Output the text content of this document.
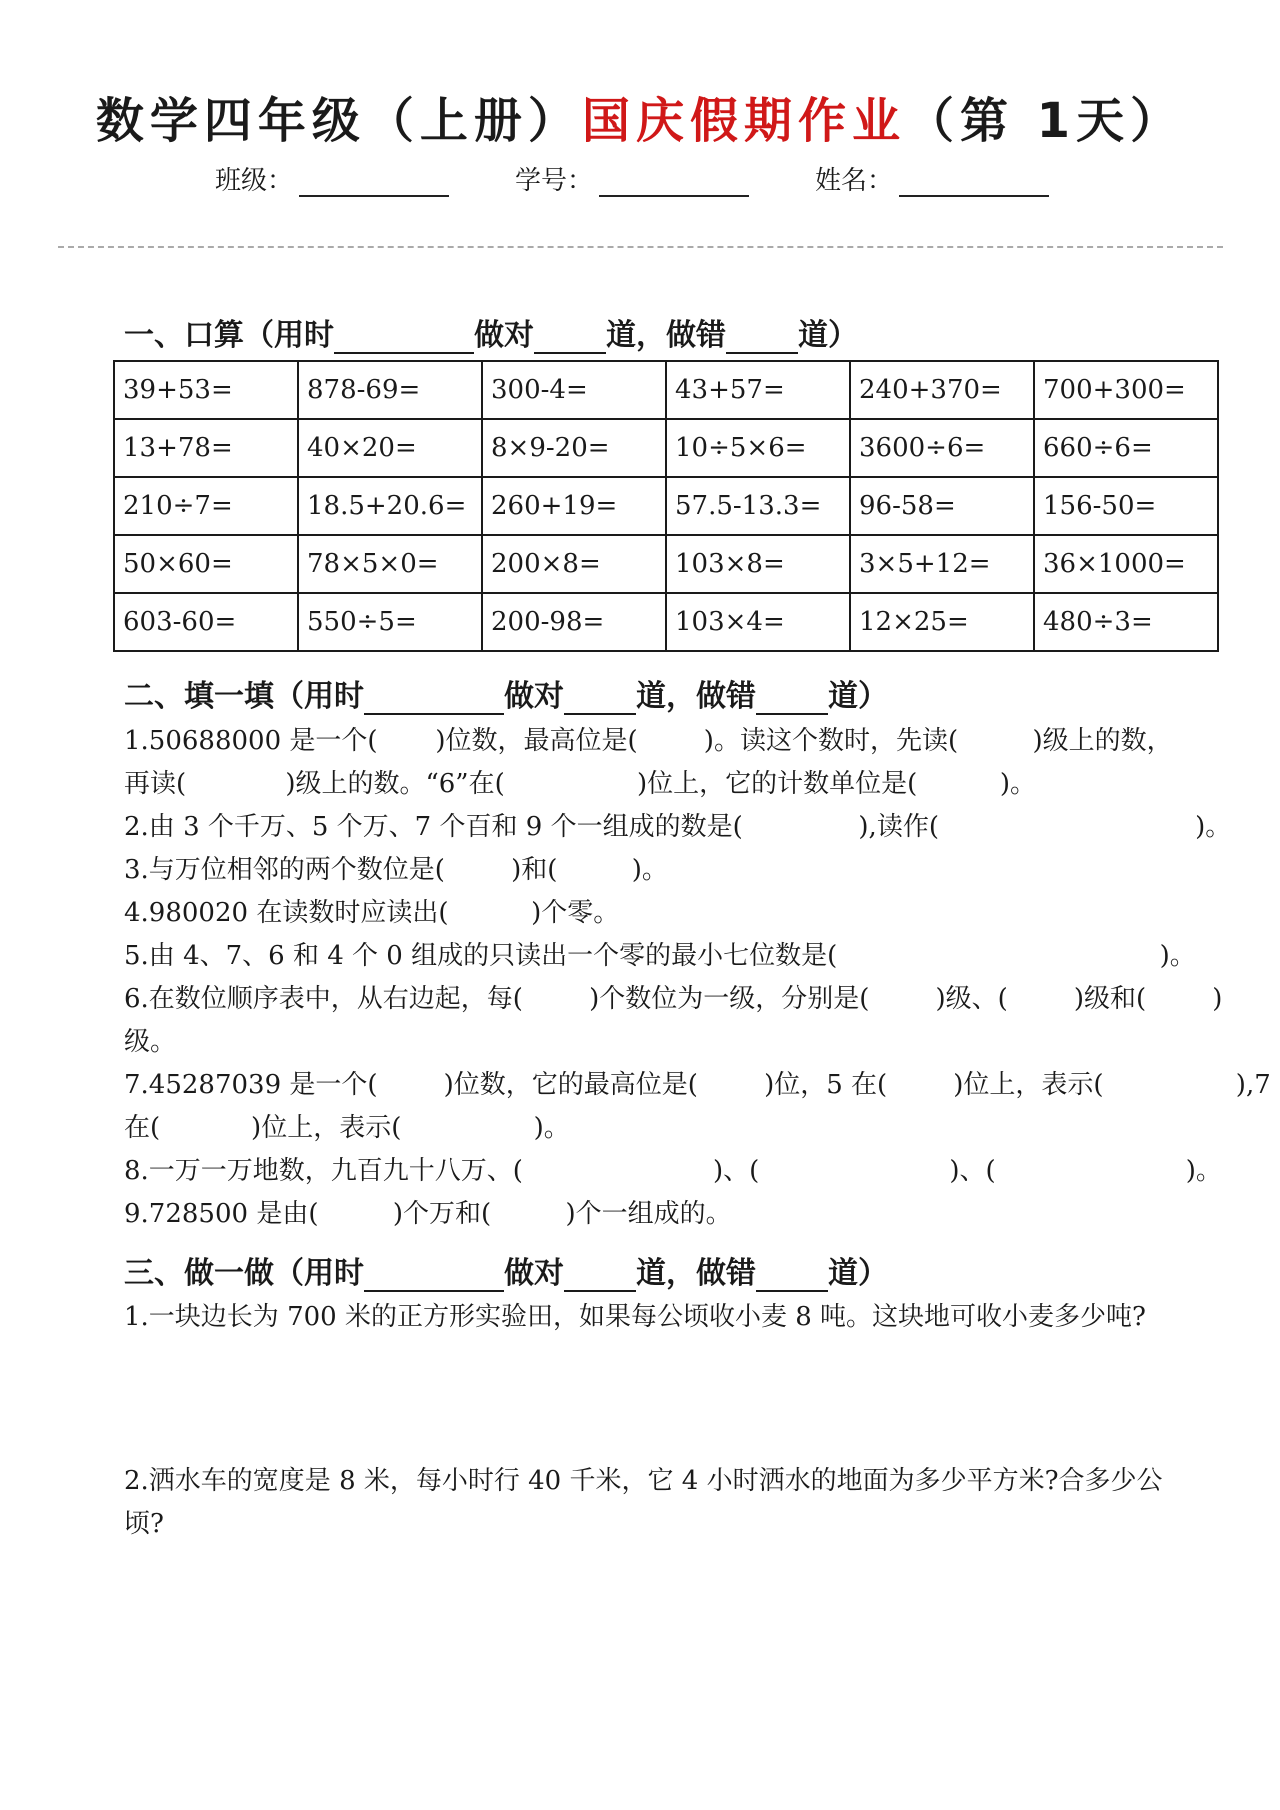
数学四年级（上册）国庆假期作业（第 1天）
班级：	学号：	姓名：
一、口算（用时	做对 道，做错 道）
39+53=	878-69=	300-4=	43+57=	240+370=	700+300=
13+78=	40×20=	8×9-20=	10÷5×6=	3600÷6=	660÷6=
210÷7=	18.5+20.6=	260+19=	57.5-13.3=	96-58=	156-50=
50×60=	78×5×0=	200×8=	103×8=	3×5+12=	36×1000=
603-60=	550÷5=	200-98=	103×4=	12×25=	480÷3=
二、填一填（用时	做对 道，做错 道）
1.50688000 是一个(       )位数，最高位是(        )。读这个数时，先读(         )级上的数，
再读(            )级上的数。“6”在(                )位上，它的计数单位是(          )。
2.由 3 个千万、5 个万、7 个百和 9 个一组成的数是(              ),读作(                               )。
3.与万位相邻的两个数位是(        )和(         )。
4.980020 在读数时应读出(          )个零。
5.由 4、7、6 和 4 个 0 组成的只读出一个零的最小七位数是(                                       )。
6.在数位顺序表中，从右边起，每(        )个数位为一级，分别是(        )级、(        )级和(        )
级。
7.45287039 是一个(        )位数，它的最高位是(        )位，5 在(        )位上，表示(                ),7
在(           )位上，表示(                )。
8.一万一万地数，九百九十八万、(                       )、(                       )、(                       )。
9.728500 是由(         )个万和(         )个一组成的。
三、做一做（用时	做对 道，做错 道）
1.一块边长为 700 米的正方形实验田，如果每公顷收小麦 8 吨。这块地可收小麦多少吨?
2.洒水车的宽度是 8 米，每小时行 40 千米，它 4 小时洒水的地面为多少平方米?合多少公
顷?
